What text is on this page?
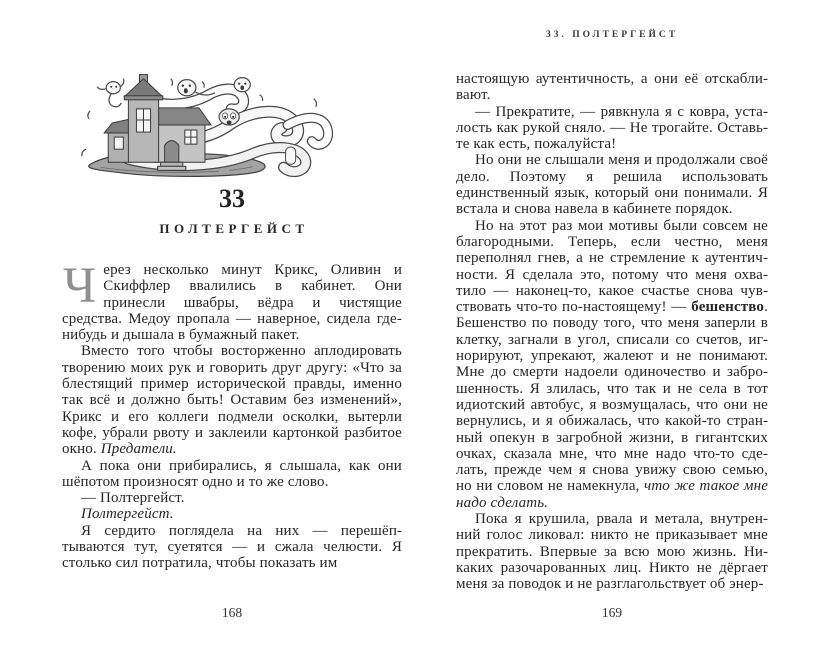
33
ПОЛТЕРГЕЙСТ

Через несколько минут Крикс, Оливин и Скиффлер ввалились в кабинет. Они принесли швабры, вёдра и чистящие средства. Медоу пропала — наверное, сидела где-нибудь и дышала в бумажный пакет.

Вместо того чтобы восторженно аплодировать творению моих рук и говорить друг другу: «Что за блестящий пример исторической правды, именно так всё и должно быть! Оставим без изменений», Крикс и его коллеги подмели осколки, вытерли кофе, убрали рвоту и заклеили картонкой разбитое окно. Предатели.

А пока они прибирались, я слышала, как они шёпотом произносят одно и то же слово.

— Полтергейст.

Полтергейст.

Я сердито поглядела на них — перешёптываются тут, суетятся — и сжала челюсти. Я столько сил потратила, чтобы показать им

168
33. ПОЛТЕРГЕЙСТ

настоящую аутентичность, а они её отскабливают.

— Прекратите, — рявкнула я с ковра, усталость как рукой сняло. — Не трогайте. Оставьте как есть, пожалуйста!

Но они не слышали меня и продолжали своё дело. Поэтому я решила использовать единственный язык, который они понимали. Я встала и снова навела в кабинете порядок.

Но на этот раз мои мотивы были совсем не благородными. Теперь, если честно, меня переполнял гнев, а не стремление к аутентичности. Я сделала это, потому что меня охватило — наконец-то, какое счастье снова чувствовать что-то по-настоящему! — бешенство. Бешенство по поводу того, что меня заперли в клетку, загнали в угол, списали со счетов, игнорируют, упрекают, жалеют и не понимают. Мне до смерти надоели одиночество и заброшенность. Я злилась, что так и не села в тот идиотский автобус, я возмущалась, что они не вернулись, и я обижалась, что какой-то странный опекун в загробной жизни, в гигантских очках, сказала мне, что мне надо что-то сделать, прежде чем я снова увижу свою семью, но ни словом не намекнула, что же такое мне надо сделать.

Пока я крушила, рвала и метала, внутренний голос ликовал: никто не приказывает мне прекратить. Впервые за всю мою жизнь. Никаких разочарованных лиц. Никто не дёргает меня за поводок и не разглагольствует об энер-

169
